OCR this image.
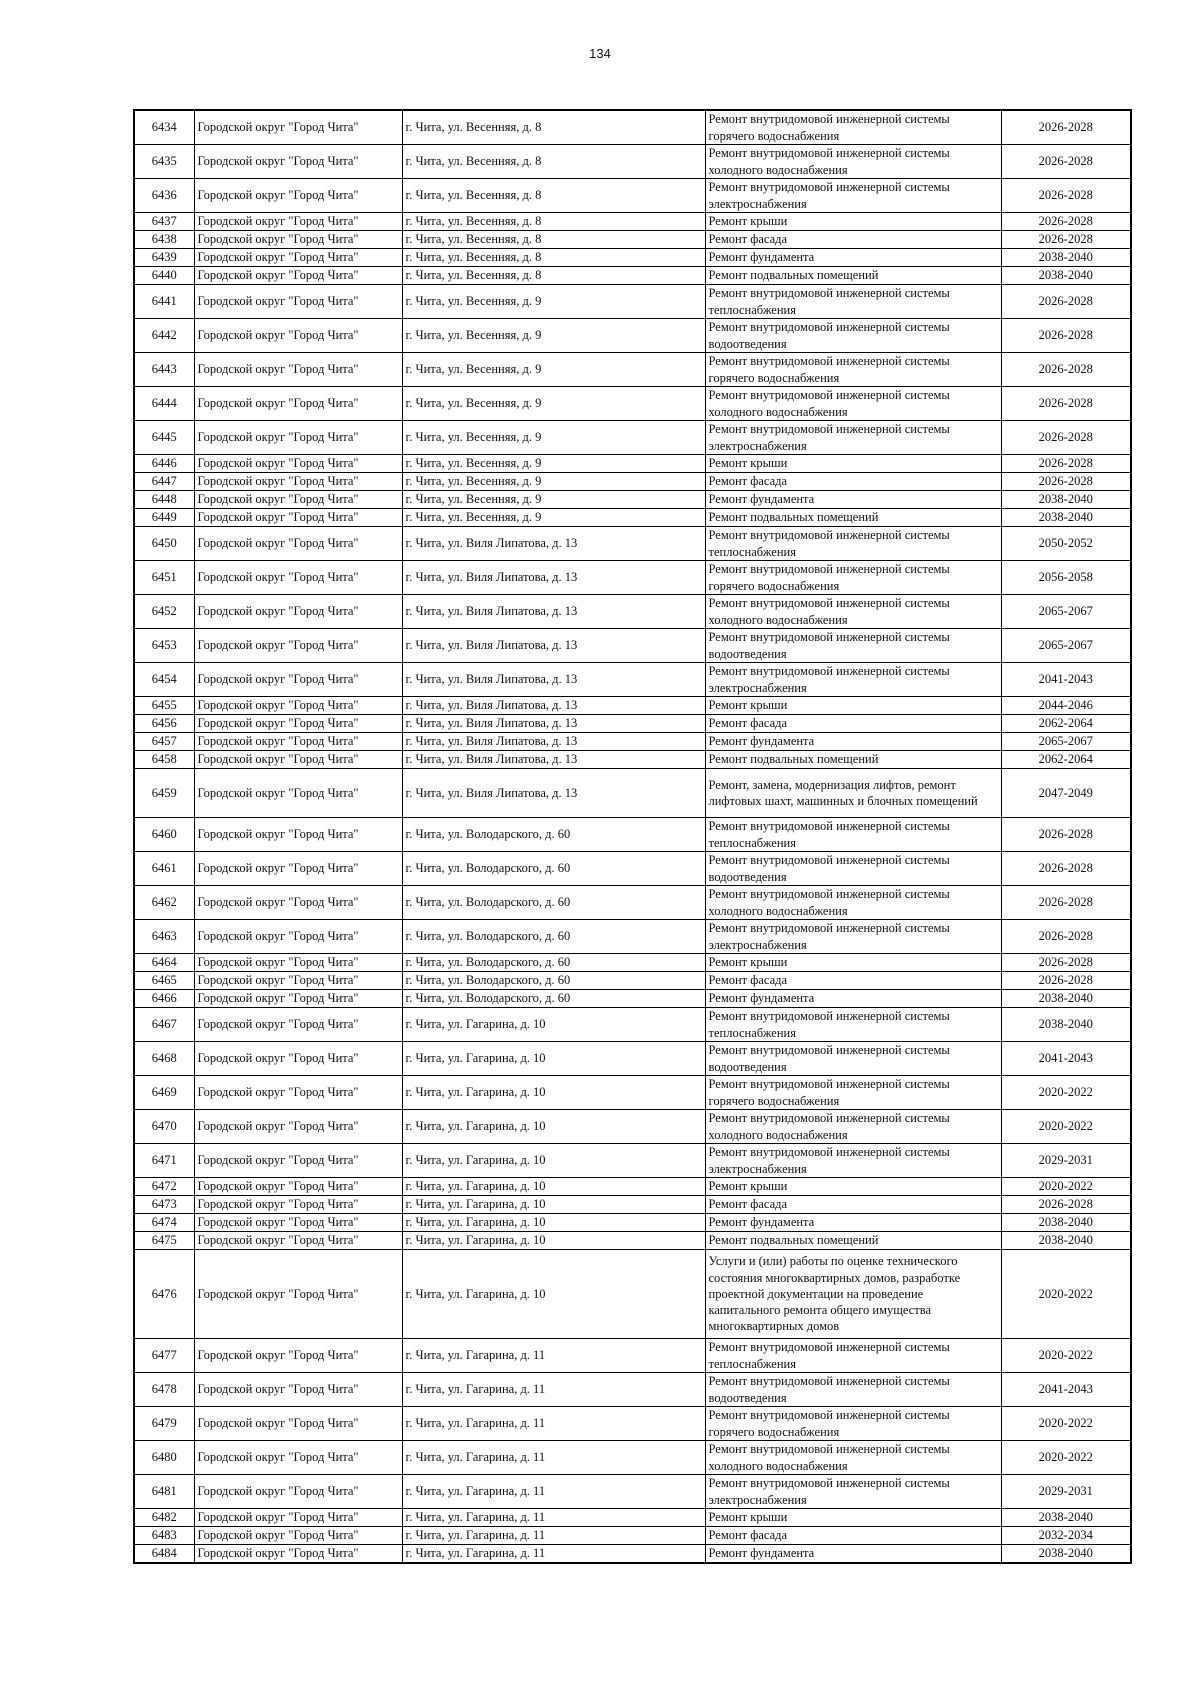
134
6434	Городской округ "Город Чита"	г. Чита, ул. Весенняя, д. 8	Ремонт внутридомовой инженерной системы горячего водоснабжения	2026-2028
6435	Городской округ "Город Чита"	г. Чита, ул. Весенняя, д. 8	Ремонт внутридомовой инженерной системы холодного водоснабжения	2026-2028
6436	Городской округ "Город Чита"	г. Чита, ул. Весенняя, д. 8	Ремонт внутридомовой инженерной системы электроснабжения	2026-2028
6437	Городской округ "Город Чита"	г. Чита, ул. Весенняя, д. 8	Ремонт крыши	2026-2028
6438	Городской округ "Город Чита"	г. Чита, ул. Весенняя, д. 8	Ремонт фасада	2026-2028
6439	Городской округ "Город Чита"	г. Чита, ул. Весенняя, д. 8	Ремонт фундамента	2038-2040
6440	Городской округ "Город Чита"	г. Чита, ул. Весенняя, д. 8	Ремонт подвальных помещений	2038-2040
6441	Городской округ "Город Чита"	г. Чита, ул. Весенняя, д. 9	Ремонт внутридомовой инженерной системы теплоснабжения	2026-2028
6442	Городской округ "Город Чита"	г. Чита, ул. Весенняя, д. 9	Ремонт внутридомовой инженерной системы водоотведения	2026-2028
6443	Городской округ "Город Чита"	г. Чита, ул. Весенняя, д. 9	Ремонт внутридомовой инженерной системы горячего водоснабжения	2026-2028
6444	Городской округ "Город Чита"	г. Чита, ул. Весенняя, д. 9	Ремонт внутридомовой инженерной системы холодного водоснабжения	2026-2028
6445	Городской округ "Город Чита"	г. Чита, ул. Весенняя, д. 9	Ремонт внутридомовой инженерной системы электроснабжения	2026-2028
6446	Городской округ "Город Чита"	г. Чита, ул. Весенняя, д. 9	Ремонт крыши	2026-2028
6447	Городской округ "Город Чита"	г. Чита, ул. Весенняя, д. 9	Ремонт фасада	2026-2028
6448	Городской округ "Город Чита"	г. Чита, ул. Весенняя, д. 9	Ремонт фундамента	2038-2040
6449	Городской округ "Город Чита"	г. Чита, ул. Весенняя, д. 9	Ремонт подвальных помещений	2038-2040
6450	Городской округ "Город Чита"	г. Чита, ул. Виля Липатова, д. 13	Ремонт внутридомовой инженерной системы теплоснабжения	2050-2052
6451	Городской округ "Город Чита"	г. Чита, ул. Виля Липатова, д. 13	Ремонт внутридомовой инженерной системы горячего водоснабжения	2056-2058
6452	Городской округ "Город Чита"	г. Чита, ул. Виля Липатова, д. 13	Ремонт внутридомовой инженерной системы холодного водоснабжения	2065-2067
6453	Городской округ "Город Чита"	г. Чита, ул. Виля Липатова, д. 13	Ремонт внутридомовой инженерной системы водоотведения	2065-2067
6454	Городской округ "Город Чита"	г. Чита, ул. Виля Липатова, д. 13	Ремонт внутридомовой инженерной системы электроснабжения	2041-2043
6455	Городской округ "Город Чита"	г. Чита, ул. Виля Липатова, д. 13	Ремонт крыши	2044-2046
6456	Городской округ "Город Чита"	г. Чита, ул. Виля Липатова, д. 13	Ремонт фасада	2062-2064
6457	Городской округ "Город Чита"	г. Чита, ул. Виля Липатова, д. 13	Ремонт фундамента	2065-2067
6458	Городской округ "Город Чита"	г. Чита, ул. Виля Липатова, д. 13	Ремонт подвальных помещений	2062-2064
6459	Городской округ "Город Чита"	г. Чита, ул. Виля Липатова, д. 13	Ремонт, замена, модернизация лифтов, ремонт лифтовых шахт, машинных и блочных помещений	2047-2049
6460	Городской округ "Город Чита"	г. Чита, ул. Володарского, д. 60	Ремонт внутридомовой инженерной системы теплоснабжения	2026-2028
6461	Городской округ "Город Чита"	г. Чита, ул. Володарского, д. 60	Ремонт внутридомовой инженерной системы водоотведения	2026-2028
6462	Городской округ "Город Чита"	г. Чита, ул. Володарского, д. 60	Ремонт внутридомовой инженерной системы холодного водоснабжения	2026-2028
6463	Городской округ "Город Чита"	г. Чита, ул. Володарского, д. 60	Ремонт внутридомовой инженерной системы электроснабжения	2026-2028
6464	Городской округ "Город Чита"	г. Чита, ул. Володарского, д. 60	Ремонт крыши	2026-2028
6465	Городской округ "Город Чита"	г. Чита, ул. Володарского, д. 60	Ремонт фасада	2026-2028
6466	Городской округ "Город Чита"	г. Чита, ул. Володарского, д. 60	Ремонт фундамента	2038-2040
6467	Городской округ "Город Чита"	г. Чита, ул. Гагарина, д. 10	Ремонт внутридомовой инженерной системы теплоснабжения	2038-2040
6468	Городской округ "Город Чита"	г. Чита, ул. Гагарина, д. 10	Ремонт внутридомовой инженерной системы водоотведения	2041-2043
6469	Городской округ "Город Чита"	г. Чита, ул. Гагарина, д. 10	Ремонт внутридомовой инженерной системы горячего водоснабжения	2020-2022
6470	Городской округ "Город Чита"	г. Чита, ул. Гагарина, д. 10	Ремонт внутридомовой инженерной системы холодного водоснабжения	2020-2022
6471	Городской округ "Город Чита"	г. Чита, ул. Гагарина, д. 10	Ремонт внутридомовой инженерной системы электроснабжения	2029-2031
6472	Городской округ "Город Чита"	г. Чита, ул. Гагарина, д. 10	Ремонт крыши	2020-2022
6473	Городской округ "Город Чита"	г. Чита, ул. Гагарина, д. 10	Ремонт фасада	2026-2028
6474	Городской округ "Город Чита"	г. Чита, ул. Гагарина, д. 10	Ремонт фундамента	2038-2040
6475	Городской округ "Город Чита"	г. Чита, ул. Гагарина, д. 10	Ремонт подвальных помещений	2038-2040
6476	Городской округ "Город Чита"	г. Чита, ул. Гагарина, д. 10	Услуги и (или) работы по оценке технического состояния многоквартирных домов, разработке проектной документации на проведение капитального ремонта общего имущества многоквартирных домов	2020-2022
6477	Городской округ "Город Чита"	г. Чита, ул. Гагарина, д. 11	Ремонт внутридомовой инженерной системы теплоснабжения	2020-2022
6478	Городской округ "Город Чита"	г. Чита, ул. Гагарина, д. 11	Ремонт внутридомовой инженерной системы водоотведения	2041-2043
6479	Городской округ "Город Чита"	г. Чита, ул. Гагарина, д. 11	Ремонт внутридомовой инженерной системы горячего водоснабжения	2020-2022
6480	Городской округ "Город Чита"	г. Чита, ул. Гагарина, д. 11	Ремонт внутридомовой инженерной системы холодного водоснабжения	2020-2022
6481	Городской округ "Город Чита"	г. Чита, ул. Гагарина, д. 11	Ремонт внутридомовой инженерной системы электроснабжения	2029-2031
6482	Городской округ "Город Чита"	г. Чита, ул. Гагарина, д. 11	Ремонт крыши	2038-2040
6483	Городской округ "Город Чита"	г. Чита, ул. Гагарина, д. 11	Ремонт фасада	2032-2034
6484	Городской округ "Город Чита"	г. Чита, ул. Гагарина, д. 11	Ремонт фундамента	2038-2040
